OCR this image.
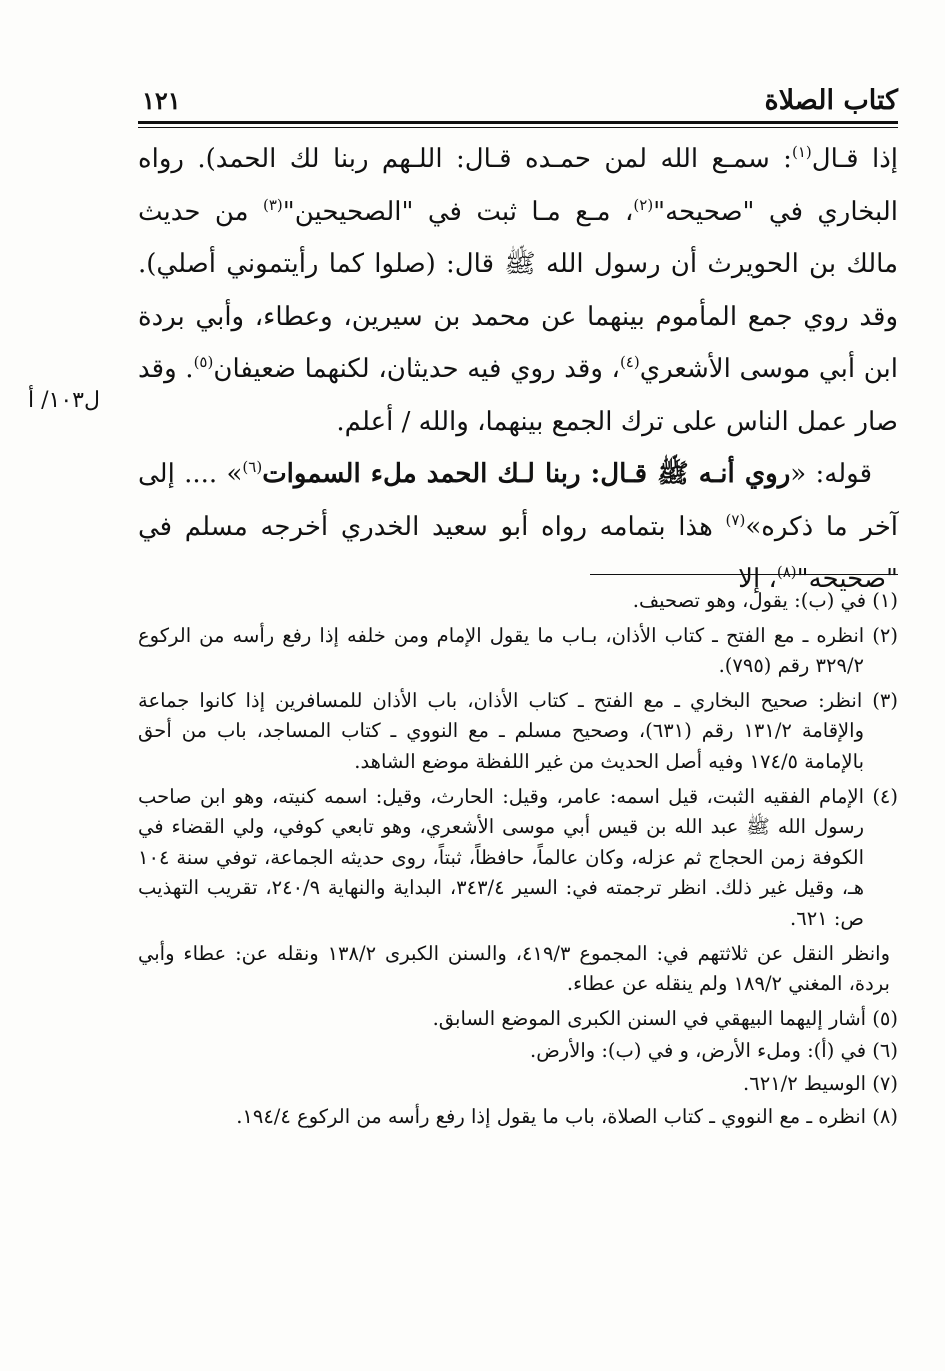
كتاب الصلاة
١٢١
ل١٠٣/ أ

إذا قـال$^{(١)}$: سمـع الله لمن حمـده قـال: اللـهم ربنا لك الحمد). رواه البخاري في "صحيحه"$^{(٢)}$، مـع مـا ثبت في "الصحيحين"$^{(٣)}$ من حديث مالك بن الحويرث أن رسول الله ﷺ قال: (صلوا كما رأيتموني أصلي). وقد روي جمع المأموم بينهما عن محمد بن سيرين، وعطاء، وأبي بردة ابن أبي موسى الأشعري$^{(٤)}$، وقد روي فيه حديثان، لكنهما ضعيفان$^{(٥)}$. وقد صار عمل الناس على ترك الجمع بينهما، والله / أعلم.

قوله: «روي أنـه ﷺ قـال: ربنا لـك الحمد ملء السموات$^{(٦)}$» .... إلى آخر ما ذكره»$^{(٧)}$ هذا بتمامه رواه أبو سعيد الخدري أخرجه مسلم في "صحيحه"$^{(٨)}$، إلا

(١) في (ب): يقول، وهو تصحيف.

(٢) انظره ـ مع الفتح ـ كتاب الأذان، بـاب ما يقول الإمام ومن خلفه إذا رفع رأسه من الركوع ٣٢٩/٢ رقم (٧٩٥).

(٣) انظر: صحيح البخاري ـ مع الفتح ـ كتاب الأذان، باب الأذان للمسافرين إذا كانوا جماعة والإقامة ١٣١/٢ رقم (٦٣١)، وصحيح مسلم ـ مع النووي ـ كتاب المساجد، باب من أحق بالإمامة ١٧٤/٥ وفيه أصل الحديث من غير اللفظة موضع الشاهد.

(٤) الإمام الفقيه الثبت، قيل اسمه: عامر، وقيل: الحارث، وقيل: اسمه كنيته، وهو ابن صاحب رسول الله ﷺ عبد الله بن قيس أبي موسى الأشعري، وهو تابعي كوفي، ولي القضاء في الكوفة زمن الحجاج ثم عزله، وكان عالماً، حافظاً، ثبتاً، روى حديثه الجماعة، توفي سنة ١٠٤ هـ، وقيل غير ذلك. انظر ترجمته في: السير ٣٤٣/٤، البداية والنهاية ٢٤٠/٩، تقريب التهذيب ص: ٦٢١.

وانظر النقل عن ثلاثتهم في: المجموع ٤١٩/٣، والسنن الكبرى ١٣٨/٢ ونقله عن: عطاء وأبي بردة، المغني ١٨٩/٢ ولم ينقله عن عطاء.

(٥) أشار إليهما البيهقي في السنن الكبرى الموضع السابق.

(٦) في (أ): وملء الأرض، و في (ب): والأرض.

(٧) الوسيط ٦٢١/٢.

(٨) انظره ـ مع النووي ـ كتاب الصلاة، باب ما يقول إذا رفع رأسه من الركوع ١٩٤/٤.
